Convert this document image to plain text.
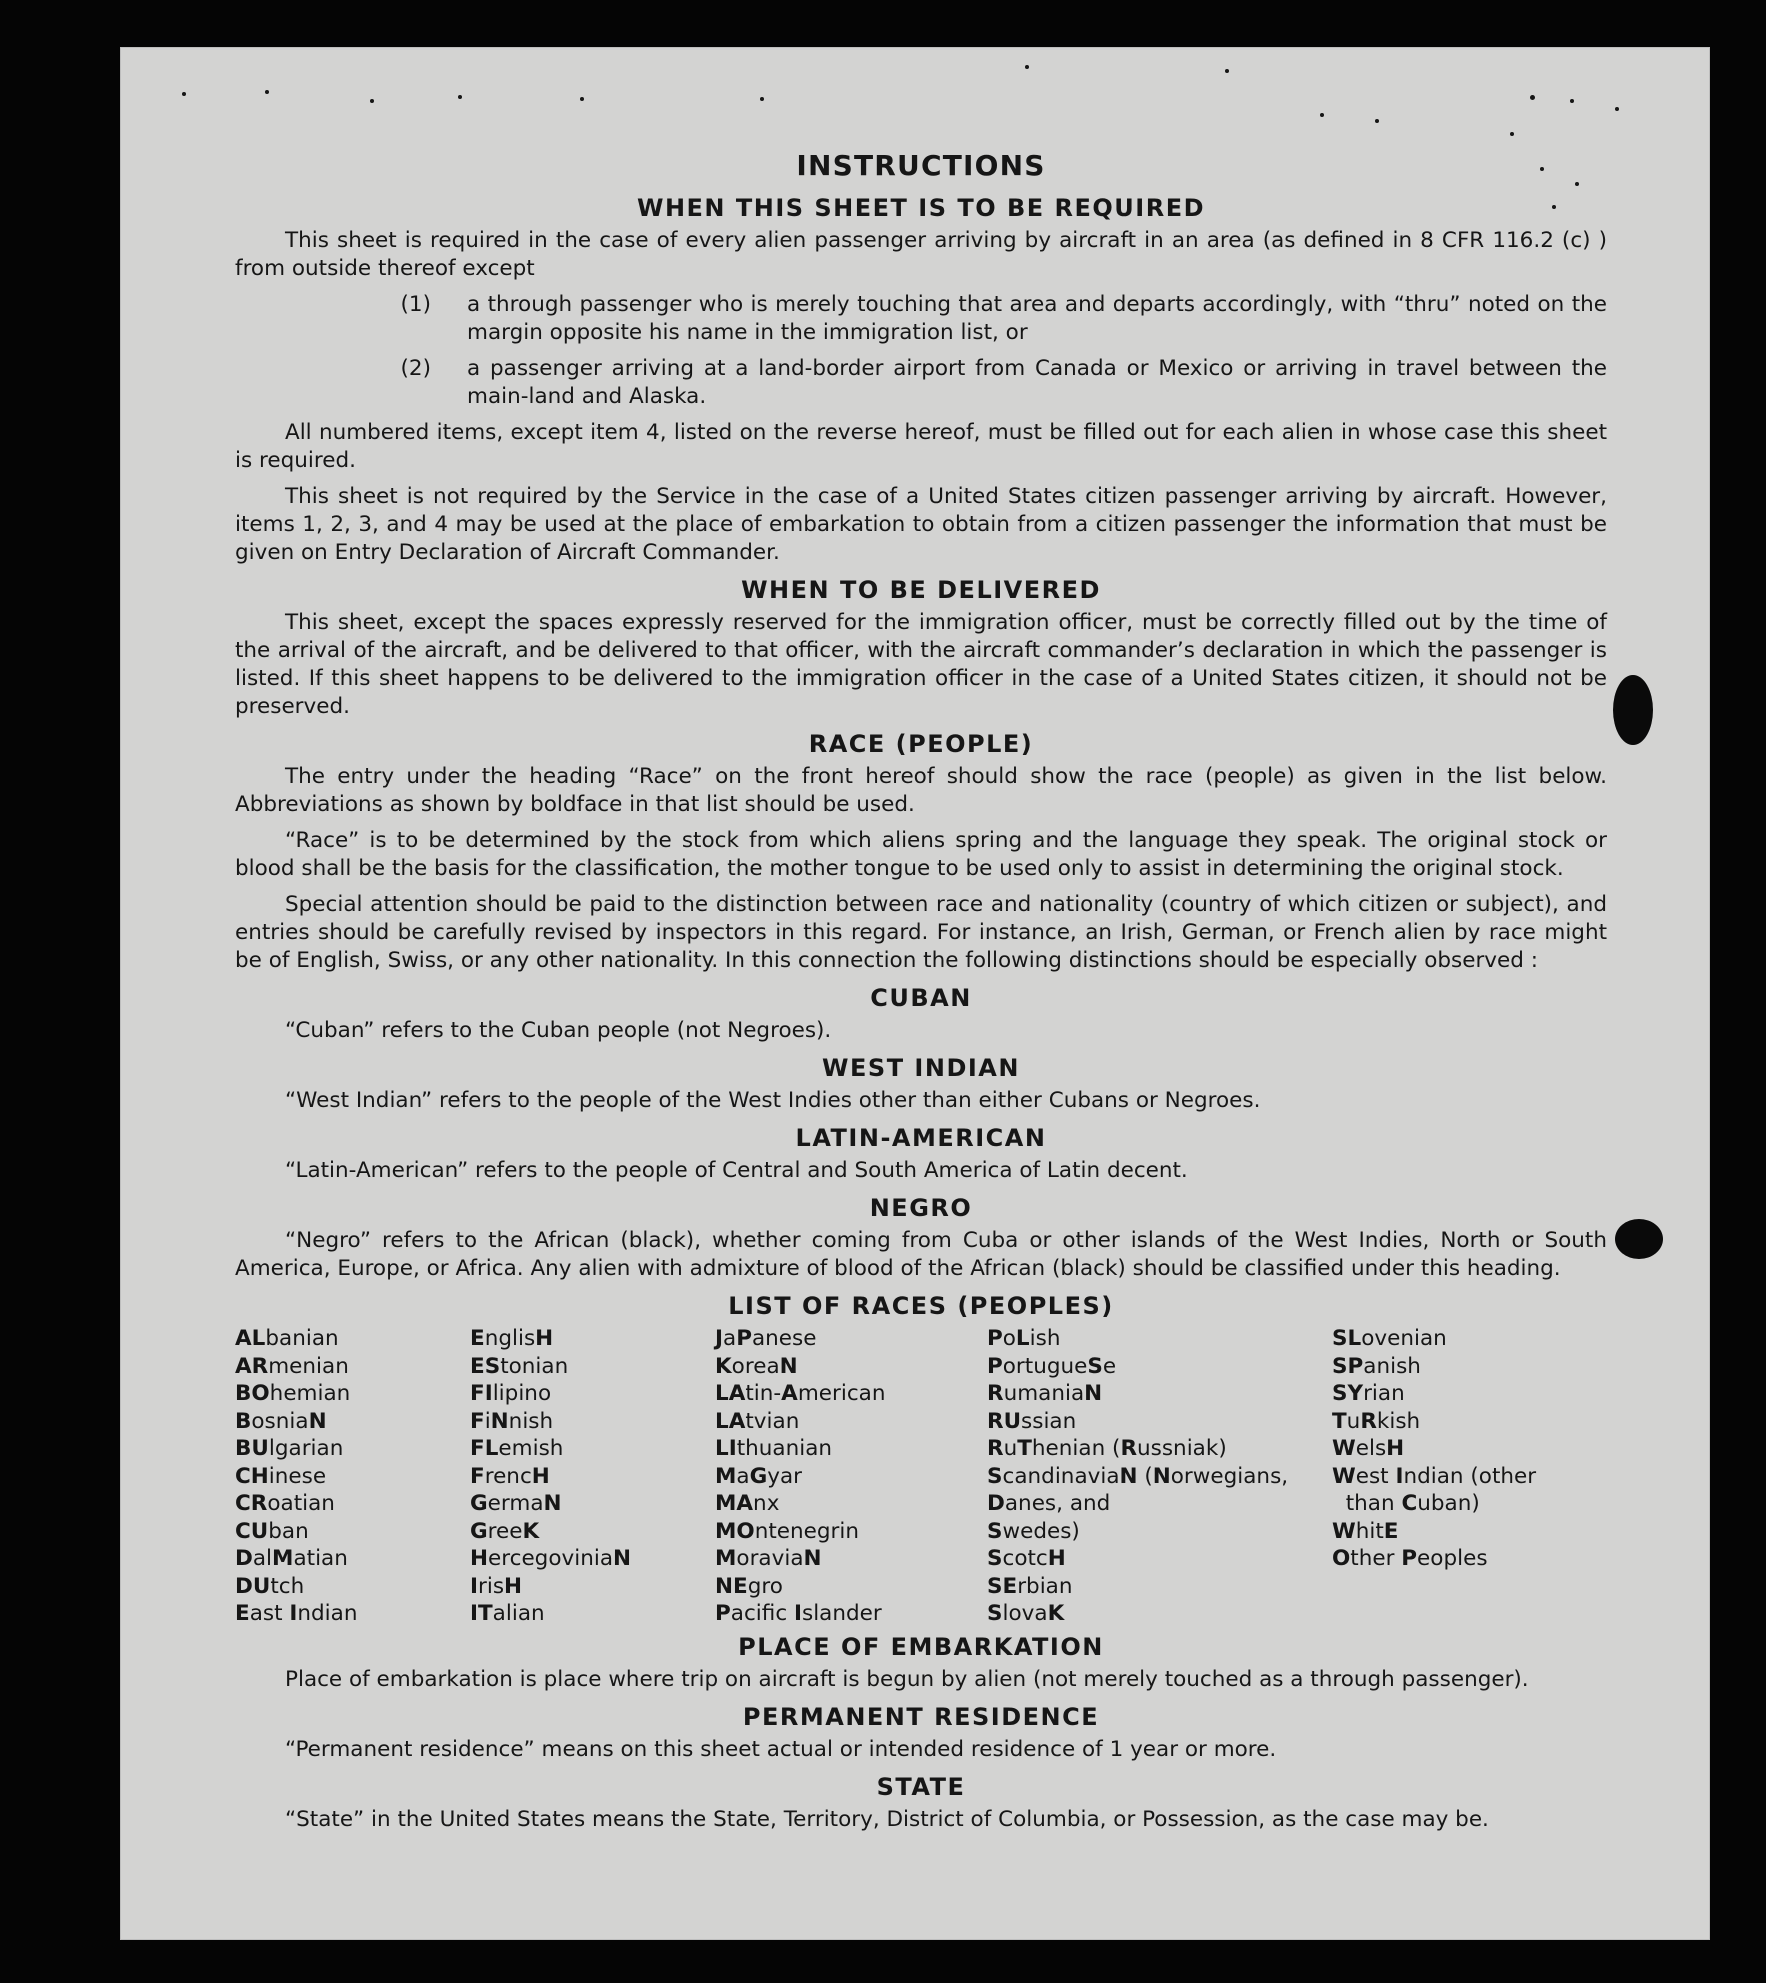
INSTRUCTIONS
WHEN THIS SHEET IS TO BE REQUIRED

This sheet is required in the case of every alien passenger arriving by aircraft in an area (as defined in 8 CFR 116.2 (c) ) from outside thereof except

(1)	a through passenger who is merely touching that area and departs accordingly, with “thru” noted on the margin opposite his name in the immigration list, or
(2)	a passenger arriving at a land-border airport from Canada or Mexico or arriving in travel between the main-land and Alaska.

All numbered items, except item 4, listed on the reverse hereof, must be filled out for each alien in whose case this sheet is required.

This sheet is not required by the Service in the case of a United States citizen passenger arriving by aircraft. However, items 1, 2, 3, and 4 may be used at the place of embarkation to obtain from a citizen passenger the information that must be given on Entry Declaration of Aircraft Commander.

WHEN TO BE DELIVERED

This sheet, except the spaces expressly reserved for the immigration officer, must be correctly filled out by the time of the arrival of the aircraft, and be delivered to that officer, with the aircraft commander’s declaration in which the passenger is listed. If this sheet happens to be delivered to the immigration officer in the case of a United States citizen, it should not be preserved.

RACE (PEOPLE)

The entry under the heading “Race” on the front hereof should show the race (people) as given in the list below. Abbreviations as shown by boldface in that list should be used.

“Race” is to be determined by the stock from which aliens spring and the language they speak. The original stock or blood shall be the basis for the classification, the mother tongue to be used only to assist in determining the original stock.

Special attention should be paid to the distinction between race and nationality (country of which citizen or subject), and entries should be carefully revised by inspectors in this regard. For instance, an Irish, German, or French alien by race might be of English, Swiss, or any other nationality. In this connection the following distinctions should be especially observed :

CUBAN

“Cuban” refers to the Cuban people (not Negroes).

WEST INDIAN

“West Indian” refers to the people of the West Indies other than either Cubans or Negroes.

LATIN-AMERICAN

“Latin-American” refers to the people of Central and South America of Latin decent.

NEGRO

“Negro” refers to the African (black), whether coming from Cuba or other islands of the West Indies, North or South America, Europe, or Africa. Any alien with admixture of blood of the African (black) should be classified under this heading.

LIST OF RACES (PEOPLES)
ALbanian
ARmenian
BOhemian
BosniaN
BUlgarian
CHinese
CRoatian
CUban
DalMatian
DUtch
East Indian
EnglisH
EStonian
FIlipino
FiNnish
FLemish
FrencH
GermaN
GreeK
HercegoviniaN
IrisH
ITalian
JaPanese
KoreaN
LAtin-American
LAtvian
LIthuanian
MaGyar
MAnx
MOntenegrin
MoraviaN
NEgro
Pacifc Islander
PoLish
PortugueSe
RumaniaN
RUssian
RuThenian (Russniak)
ScandinaviaN (Norwegians,
Danes, and
Swedes)
ScotcH
SErbian
SlovaK
SLovenian
SPanish
SYrian
TuRkish
WelsH
West Indian (other
than Cuban)
WhitE
Other Peoples
PLACE OF EMBARKATION

Place of embarkation is place where trip on aircraft is begun by alien (not merely touched as a through passenger).

PERMANENT RESIDENCE

“Permanent residence” means on this sheet actual or intended residence of 1 year or more.

STATE

“State” in the United States means the State, Territory, District of Columbia, or Possession, as the case may be.
